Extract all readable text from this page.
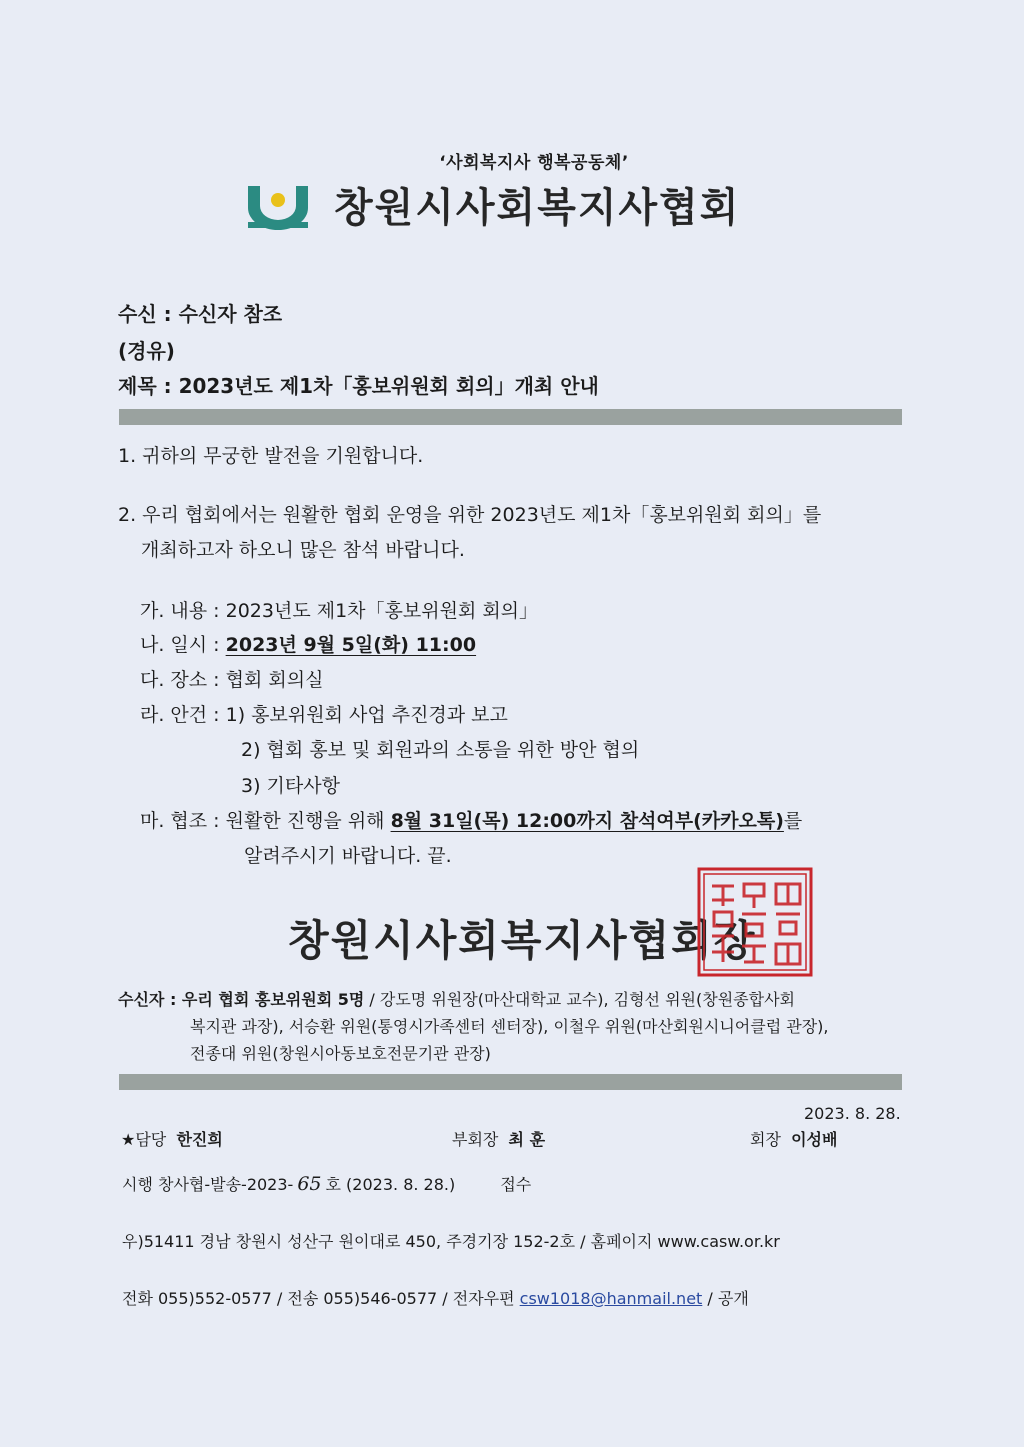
‘사회복지사 행복공동체’
창원시사회복지사협회
수신 : 수신자 참조
(경유)
제목 : 2023년도 제1차「홍보위원회 회의」개최 안내
1. 귀하의 무궁한 발전을 기원합니다.
2. 우리 협회에서는 원활한 협회 운영을 위한 2023년도 제1차「홍보위원회 회의」를
개최하고자 하오니 많은 참석 바랍니다.
가. 내용 : 2023년도 제1차「홍보위원회 회의」
나. 일시 : 2023년 9월 5일(화) 11:00
다. 장소 : 협회 회의실
라. 안건 : 1) 홍보위원회 사업 추진경과 보고
2) 협회 홍보 및 회원과의 소통을 위한 방안 협의
3) 기타사항
마. 협조 : 원활한 진행을 위해 8월 31일(목) 12:00까지 참석여부(카카오톡)를
알려주시기 바랍니다. 끝.
창원시사회복지사협회장
수신자 : 우리 협회 홍보위원회 5명 / 강도명 위원장(마산대학교 교수), 김형선 위원(창원종합사회
복지관 과장), 서승환 위원(통영시가족센터 센터장), 이철우 위원(마산회원시니어클럽 관장),
전종대 위원(창원시아동보호전문기관 관장)
2023. 8. 28.
★담당 한진희	부회장 최 훈	회장 이성배
시행 창사협-발송-2023- 65 호 (2023. 8. 28.)	접수
우)51411 경남 창원시 성산구 원이대로 450, 주경기장 152-2호 / 홈페이지 www.casw.or.kr
전화 055)552-0577 / 전송 055)546-0577 / 전자우편 csw1018@hanmail.net / 공개
